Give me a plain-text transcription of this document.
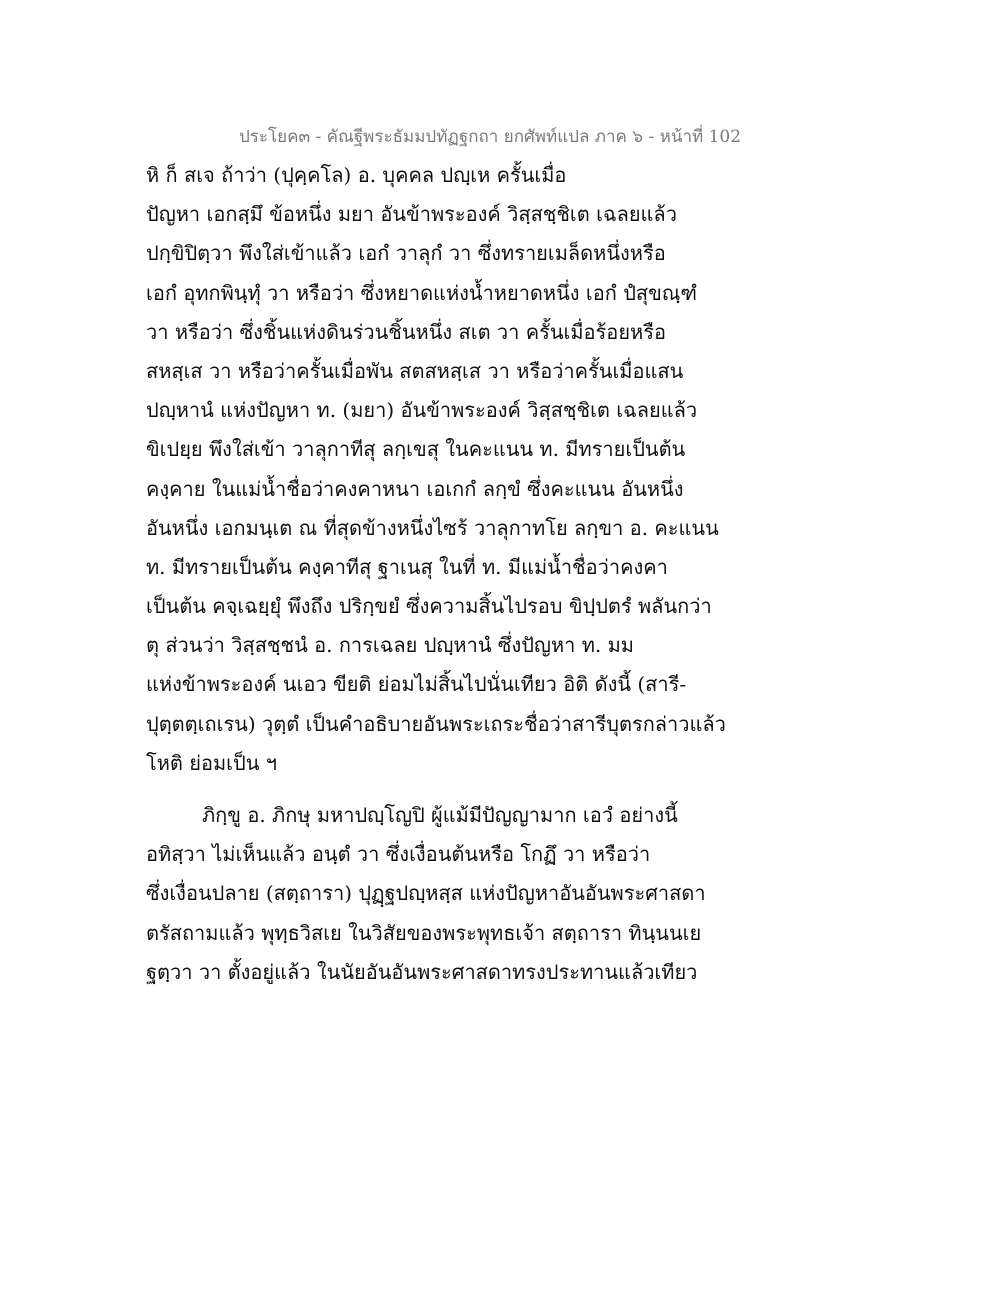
ประโยค๓ - คัณฐีพระธัมมปทัฏฐกถา ยกศัพท์แปล ภาค ๖ - หน้าที่ 102
หิ ก็ สเจ ถ้าว่า (ปุคฺคโล) อ. บุคคล ปญฺเห ครั้นเมื่อ
ปัญหา เอกสฺมึ ข้อหนึ่ง มยา อันข้าพระองค์ วิสฺสชฺชิเต เฉลยแล้ว
ปกฺขิปิตฺวา พึงใส่เข้าแล้ว เอกํ วาลุกํ วา ซึ่งทรายเมล็ดหนึ่งหรือ
เอกํ อุทกพินฺทุํ วา หรือว่า ซึ่งหยาดแห่งน้ำหยาดหนึ่ง เอกํ ปํสุขณฺฑํ
วา หรือว่า ซึ่งชิ้นแห่งดินร่วนชิ้นหนึ่ง สเต วา ครั้นเมื่อร้อยหรือ
สหสฺเส วา หรือว่าครั้นเมื่อพัน สตสหสฺเส วา หรือว่าครั้นเมื่อแสน
ปญฺหานํ แห่งปัญหา ท. (มยา) อันข้าพระองค์ วิสฺสชฺชิเต เฉลยแล้ว
ขิเปยฺย พึงใส่เข้า วาลุกาทีสุ ลกฺเขสุ ในคะแนน ท. มีทรายเป็นต้น
คงฺคาย ในแม่น้ำชื่อว่าคงคาหนา เอเกกํ ลกฺขํ ซึ่งคะแนน อันหนึ่ง
อันหนึ่ง เอกมนฺเต ณ ที่สุดข้างหนึ่งไซร้ วาลุกาทโย ลกฺขา อ. คะแนน
ท. มีทรายเป็นต้น คงฺคาทีสุ ฐาเนสุ ในที่ ท. มีแม่น้ำชื่อว่าคงคา
เป็นต้น คจฺเฉยฺยุํ พึงถึง ปริกฺขยํ ซึ่งความสิ้นไปรอบ ขิปฺปตรํ พลันกว่า
ตุ ส่วนว่า วิสฺสชฺชนํ อ. การเฉลย ปญฺหานํ ซึ่งปัญหา ท. มม
แห่งข้าพระองค์ นเอว ขียติ ย่อมไม่สิ้นไปนั่นเทียว อิติ ดังนี้ (สารี-
ปุตฺตตฺเถเรน) วุตฺตํ เป็นคำอธิบายอันพระเถระชื่อว่าสารีบุตรกล่าวแล้ว
โหติ ย่อมเป็น ฯ
ภิกฺขู อ. ภิกษุ มหาปญฺโญปิ ผู้แม้มีปัญญามาก เอวํ อย่างนี้
อทิสฺวา ไม่เห็นแล้ว อนฺตํ วา ซึ่งเงื่อนต้นหรือ โกฏึ วา หรือว่า
ซึ่งเงื่อนปลาย (สตฺถารา) ปุฏฺฐปญฺหสฺส แห่งปัญหาอันอันพระศาสดา
ตรัสถามแล้ว พุทฺธวิสเย ในวิสัยของพระพุทธเจ้า สตฺถารา ทินฺนนเย
ฐตฺวา วา ตั้งอยู่แล้ว ในนัยอันอันพระศาสดาทรงประทานแล้วเทียว
